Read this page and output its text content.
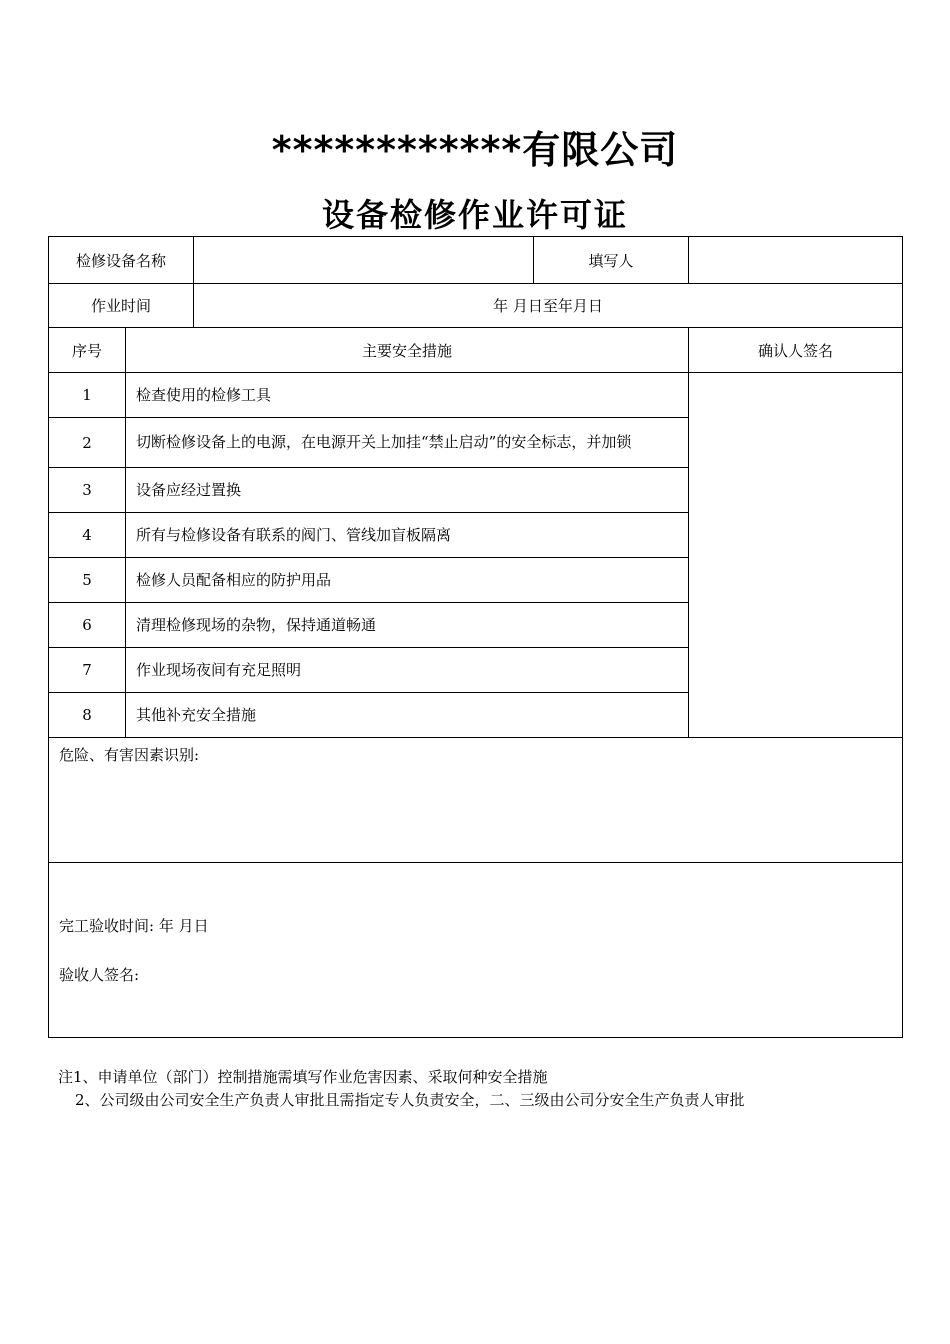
************有限公司
设备检修作业许可证
检修设备名称			填写人	
作业时间		年 月日至年月日		
序号	主要安全措施			确认人签名
1	检查使用的检修工具			
2	切断检修设备上的电源，在电源开关上加挂“禁止启动”的安全标志，并加锁			
3	设备应经过置换			
4	所有与检修设备有联系的阀门、管线加盲板隔离			
5	检修人员配备相应的防护用品			
6	清理检修现场的杂物，保持通道畅通			
7	作业现场夜间有充足照明			
8	其他补充安全措施			
危险、有害因素识别:				

完工验收时间: 年 月日
验收人签名:				
注1、申请单位（部门）控制措施需填写作业危害因素、采取何种安全措施
2、公司级由公司安全生产负责人审批且需指定专人负责安全，二、三级由公司分安全生产负责人审批
